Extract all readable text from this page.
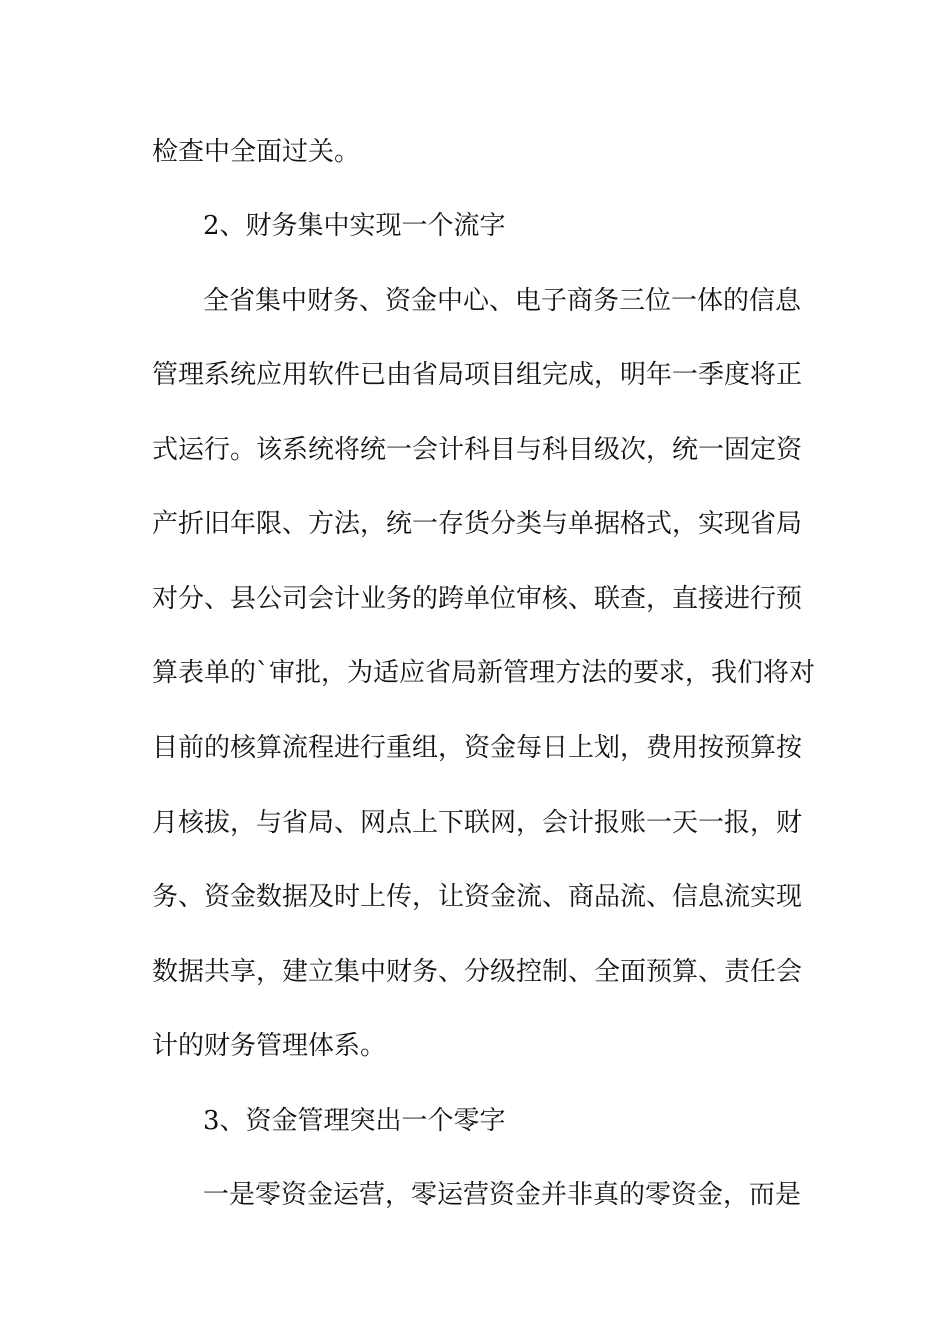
检查中全面过关。
2、财务集中实现一个流字
全省集中财务、资金中心、电子商务三位一体的信息
管理系统应用软件已由省局项目组完成，明年一季度将正
式运行。该系统将统一会计科目与科目级次，统一固定资
产折旧年限、方法，统一存货分类与单据格式，实现省局
对分、县公司会计业务的跨单位审核、联查，直接进行预
算表单的`审批，为适应省局新管理方法的要求，我们将对
目前的核算流程进行重组，资金每日上划，费用按预算按
月核拔，与省局、网点上下联网，会计报账一天一报，财
务、资金数据及时上传，让资金流、商品流、信息流实现
数据共享，建立集中财务、分级控制、全面预算、责任会
计的财务管理体系。
3、资金管理突出一个零字
一是零资金运营，零运营资金并非真的零资金，而是
